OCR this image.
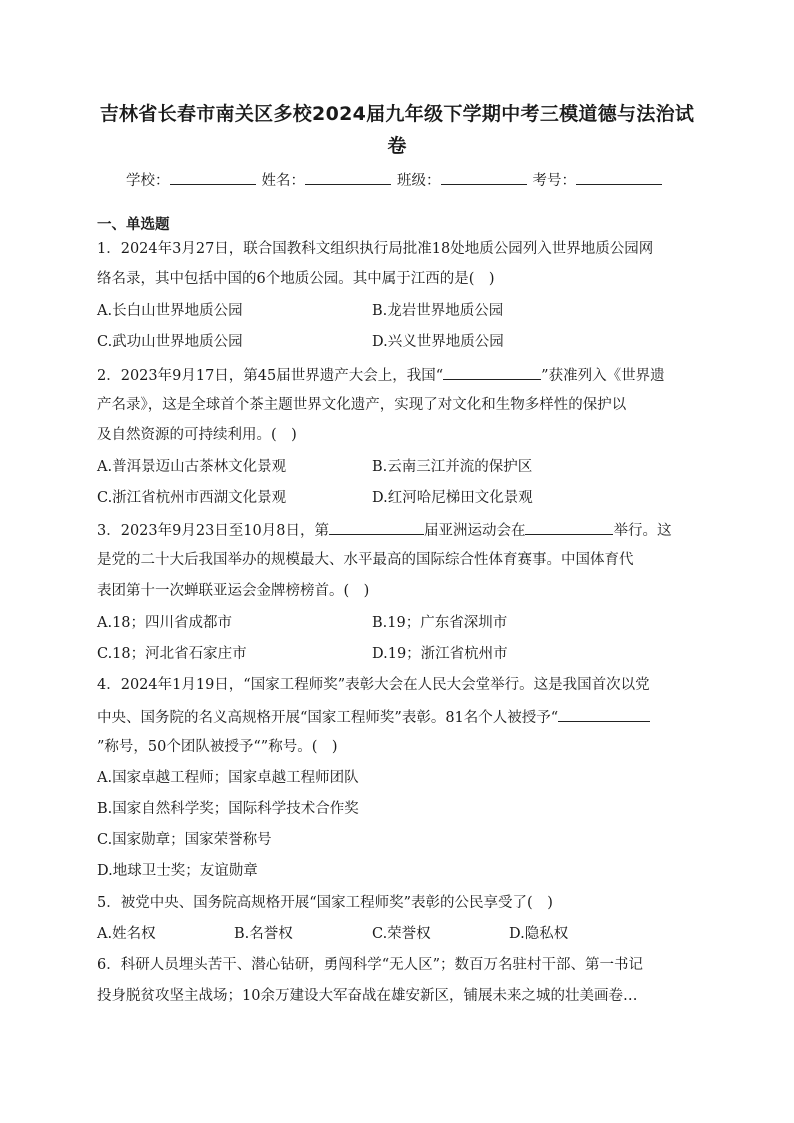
吉林省长春市南关区多校2024届九年级下学期中考三模道德与法治试
卷
学校：	姓名：	班级：	考号：
一、单选题
1．2024年3月27日，联合国教科文组织执行局批准18处地质公园列入世界地质公园网
络名录，其中包括中国的6个地质公园。其中属于江西的是(　)
A.长白山世界地质公园	B.龙岩世界地质公园
C.武功山世界地质公园	D.兴义世界地质公园
2．2023年9月17日，第45届世界遗产大会上，我国“	”获准列入《世界遗
产名录》，这是全球首个茶主题世界文化遗产，实现了对文化和生物多样性的保护以
及自然资源的可持续利用。(　)
A.普洱景迈山古茶林文化景观	B.云南三江并流的保护区
C.浙江省杭州市西湖文化景观	D.红河哈尼梯田文化景观
3．2023年9月23日至10月8日，第	届亚洲运动会在	举行。这
是党的二十大后我国举办的规模最大、水平最高的国际综合性体育赛事。中国体育代
表团第十一次蝉联亚运会金牌榜榜首。(　)
A.18；四川省成都市	B.19；广东省深圳市
C.18；河北省石家庄市	D.19；浙江省杭州市
4．2024年1月19日，“国家工程师奖”表彰大会在人民大会堂举行。这是我国首次以党
中央、国务院的名义高规格开展“国家工程师奖”表彰。81名个人被授予“
”称号，50个团队被授予“”称号。(　)
A.国家卓越工程师；国家卓越工程师团队
B.国家自然科学奖；国际科学技术合作奖
C.国家勋章；国家荣誉称号
D.地球卫士奖；友谊勋章
5．被党中央、国务院高规格开展“国家工程师奖”表彰的公民享受了(　)
A.姓名权	B.名誉权	C.荣誉权	D.隐私权
6．科研人员埋头苦干、潜心钻研，勇闯科学“无人区”；数百万名驻村干部、第一书记
投身脱贫攻坚主战场；10余万建设大军奋战在雄安新区，铺展未来之城的壮美画卷…
